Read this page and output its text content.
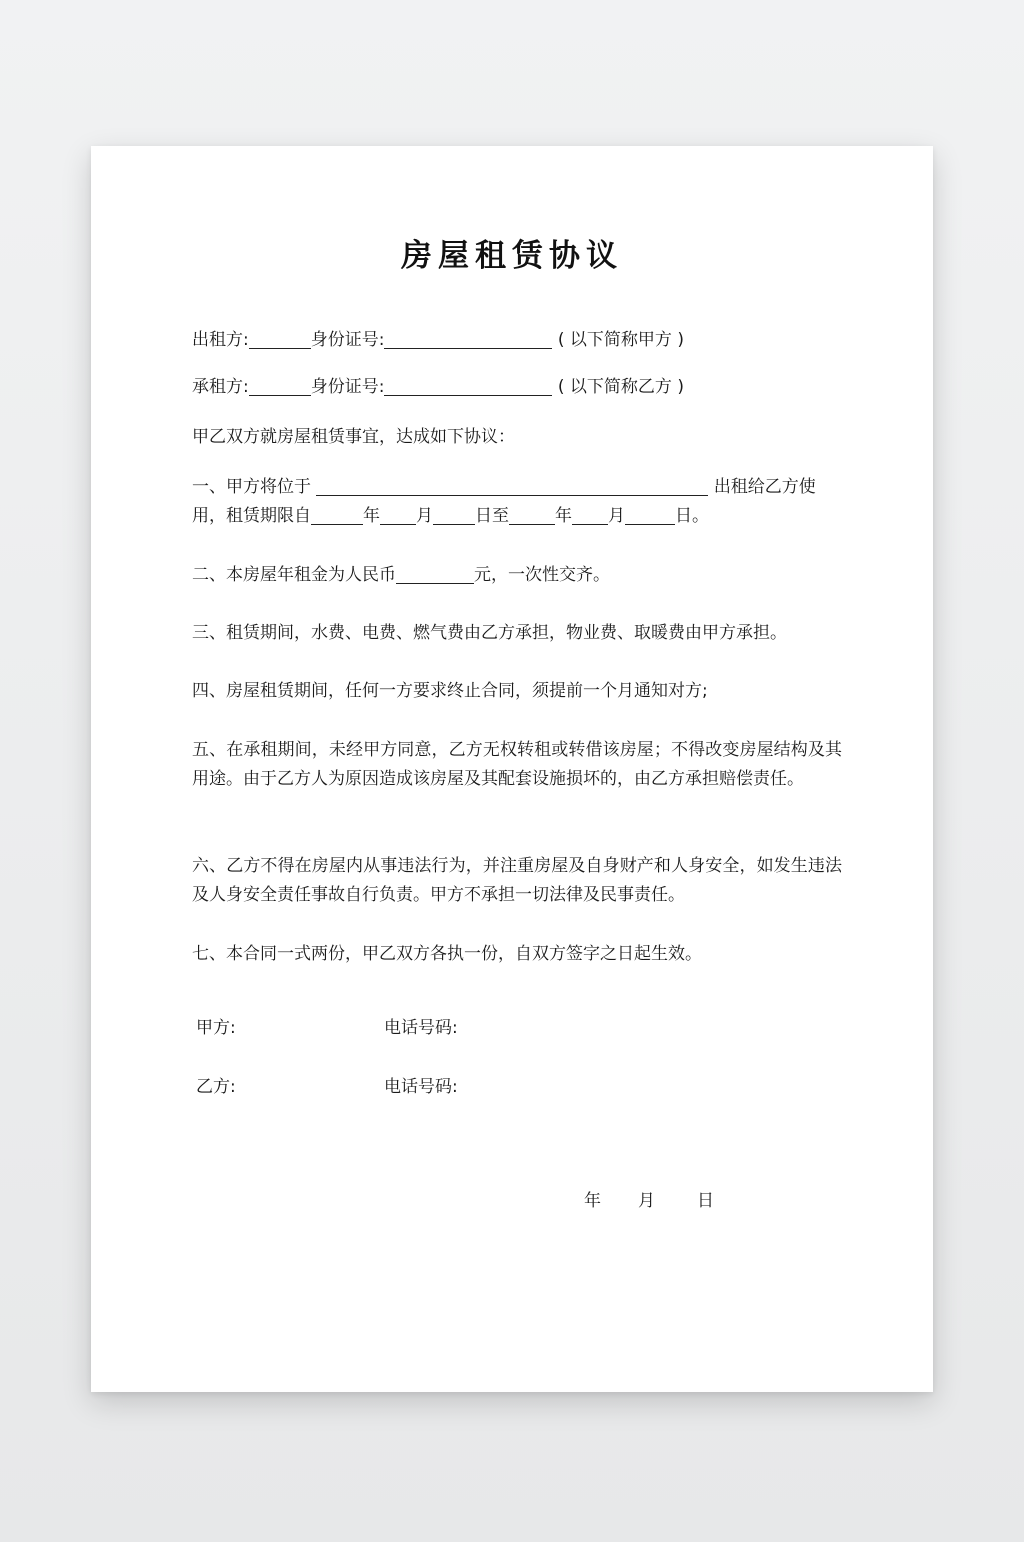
房屋租赁协议
出租方:	身份证号:	( 以下简称甲方 )
承租方:	身份证号:	( 以下简称乙方 )
甲乙双方就房屋租赁事宜，达成如下协议：
一、甲方将位于	出租给乙方使
用，租赁期限自	年 月 日至	年 月	日。
二、本房屋年租金为人民币	元，一次性交齐。
三、租赁期间，水费、电费、燃气费由乙方承担，物业费、取暖费由甲方承担。
四、房屋租赁期间，任何一方要求终止合同，须提前一个月通知对方;
五、在承租期间，未经甲方同意，乙方无权转租或转借该房屋；不得改变房屋结构及其用途。由于乙方人为原因造成该房屋及其配套设施损坏的，由乙方承担赔偿责任。
六、乙方不得在房屋内从事违法行为，并注重房屋及自身财产和人身安全，如发生违法及人身安全责任事故自行负责。甲方不承担一切法律及民事责任。
七、本合同一式两份，甲乙双方各执一份，自双方签字之日起生效。
甲方:	电话号码:
乙方:	电话号码:
年 月 日
